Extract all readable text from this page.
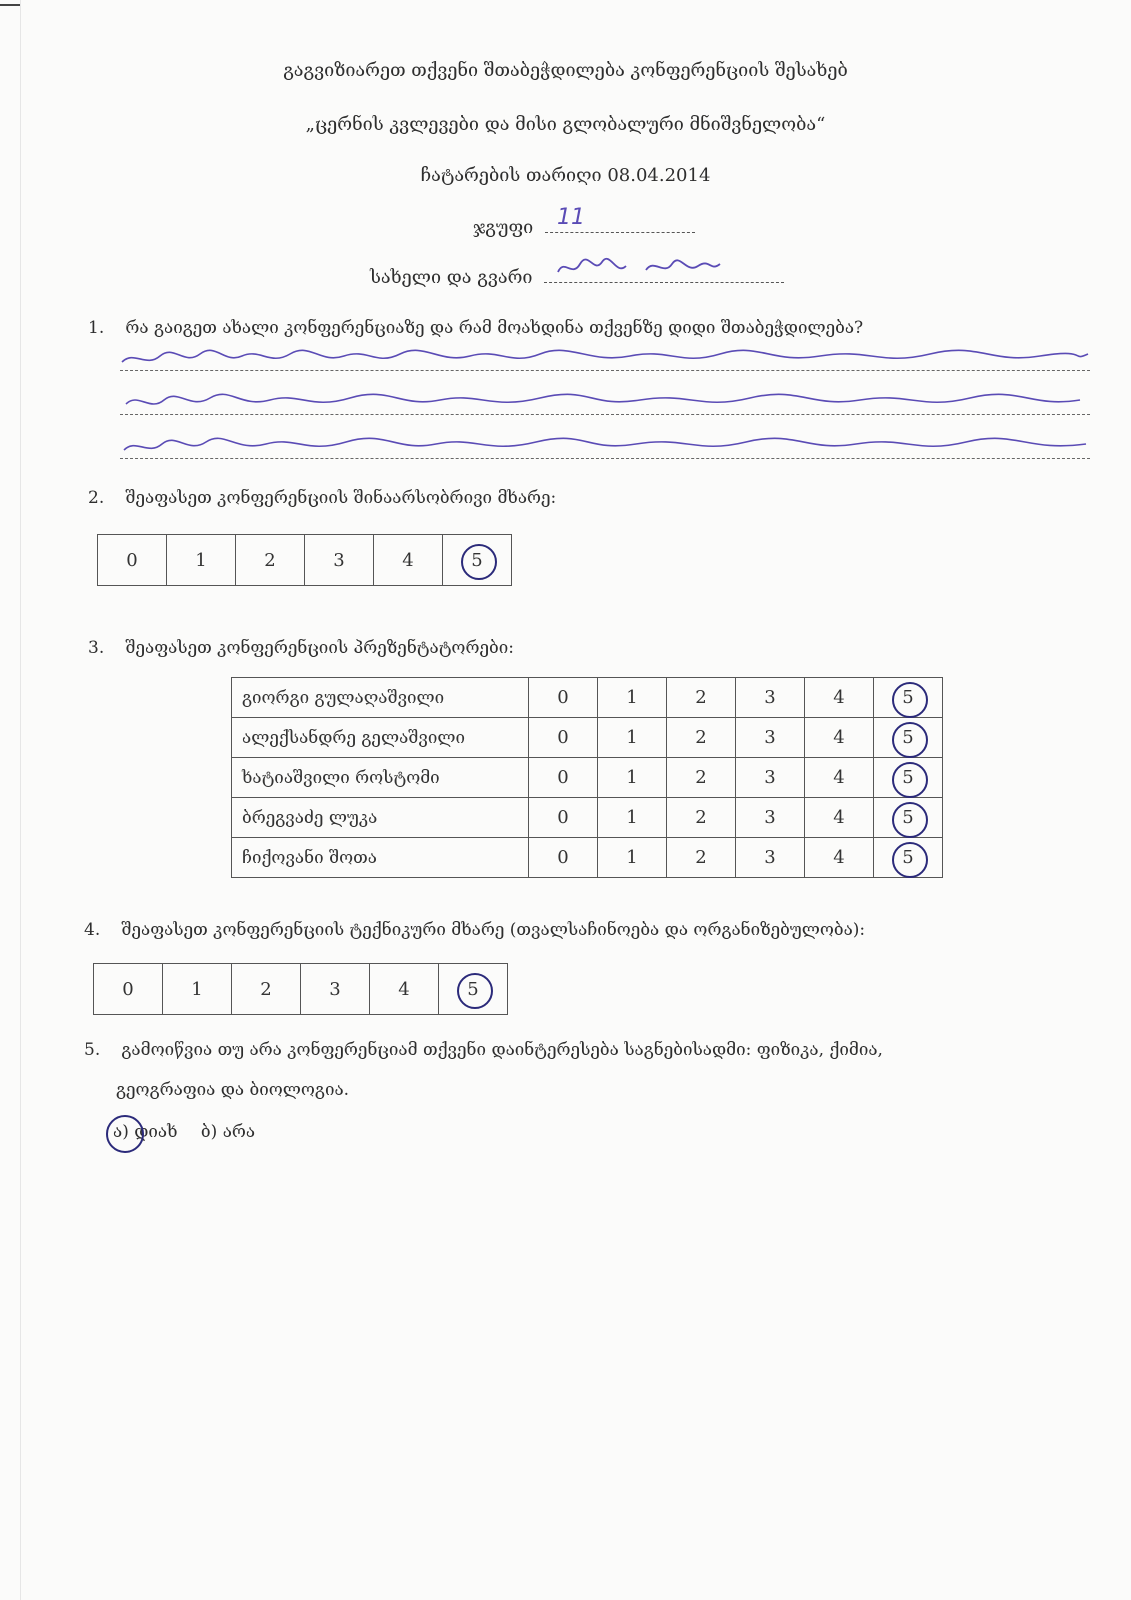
გაგვიზიარეთ თქვენი შთაბეჭდილება კონფერენციის შესახებ
„ცერნის კვლევები და მისი გლობალური მნიშვნელობა“
ჩატარების თარიღი 08.04.2014
ჯგუფი 11
სახელი და გვარი
1. რა გაიგეთ ახალი კონფერენციაზე და რამ მოახდინა თქვენზე დიდი შთაბეჭდილება?
2. შეაფასეთ კონფერენციის შინაარსობრივი მხარე:
0	1	2	3	4	5
3. შეაფასეთ კონფერენციის პრეზენტატორები:
გიორგი გულაღაშვილი	0	1	2	3	4	5
ალექსანდრე გელაშვილი	0	1	2	3	4	5
ხატიაშვილი როსტომი	0	1	2	3	4	5
ბრეგვაძე ლუკა	0	1	2	3	4	5
ჩიქოვანი შოთა	0	1	2	3	4	5
4. შეაფასეთ კონფერენციის ტექნიკური მხარე (თვალსაჩინოება და ორგანიზებულობა):
0	1	2	3	4	5
5. გამოიწვია თუ არა კონფერენციამ თქვენი დაინტერესება საგნებისადმი: ფიზიკა, ქიმია,
გეოგრაფია და ბიოლოგია.
ა) დიახ ბ) არა
